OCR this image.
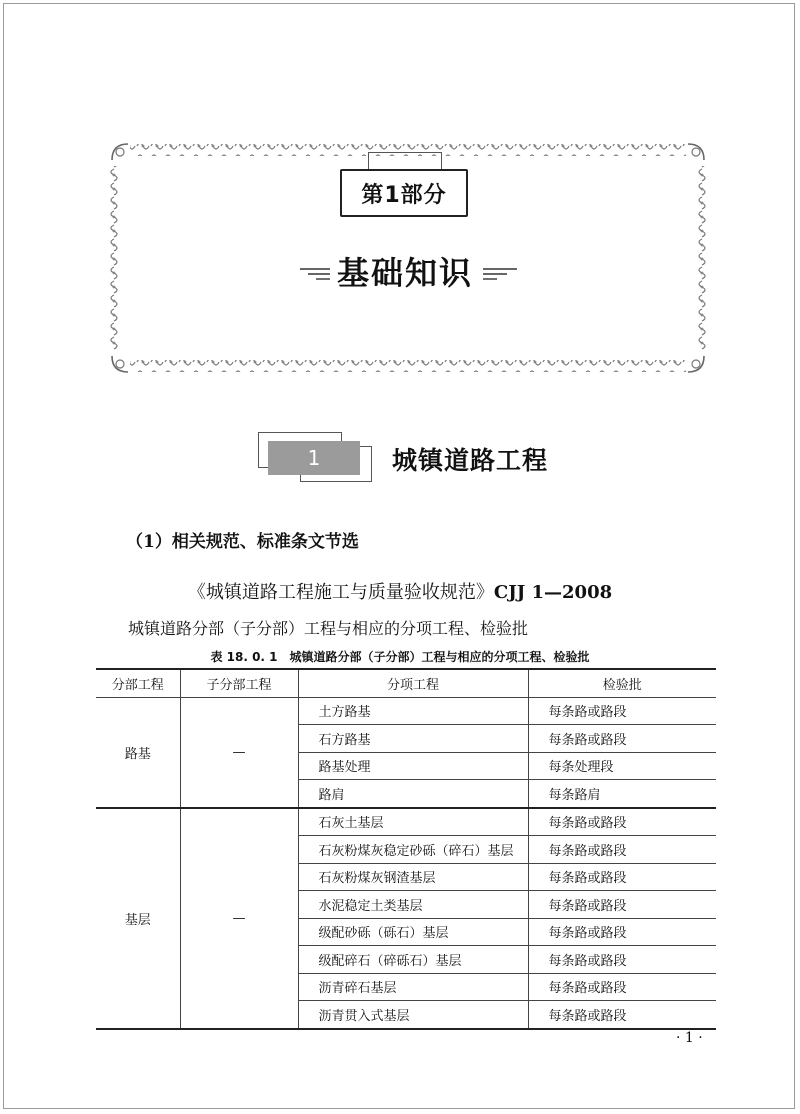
第1部分
基础知识
1	城镇道路工程
（1）相关规范、标准条文节选
《城镇道路工程施工与质量验收规范》CJJ 1—2008
城镇道路分部（子分部）工程与相应的分项工程、检验批
表 18. 0. 1　城镇道路分部（子分部）工程与相应的分项工程、检验批
分部工程	子分部工程	分项工程	检验批
路基	—	土方路基	每条路或路段
		石方路基	每条路或路段
		路基处理	每条处理段
		路肩	每条路肩
基层	—	石灰土基层	每条路或路段
		石灰粉煤灰稳定砂砾（碎石）基层	每条路或路段
		石灰粉煤灰钢渣基层	每条路或路段
		水泥稳定土类基层	每条路或路段
		级配砂砾（砾石）基层	每条路或路段
		级配碎石（碎砾石）基层	每条路或路段
		沥青碎石基层	每条路或路段
		沥青贯入式基层	每条路或路段
· 1 ·
